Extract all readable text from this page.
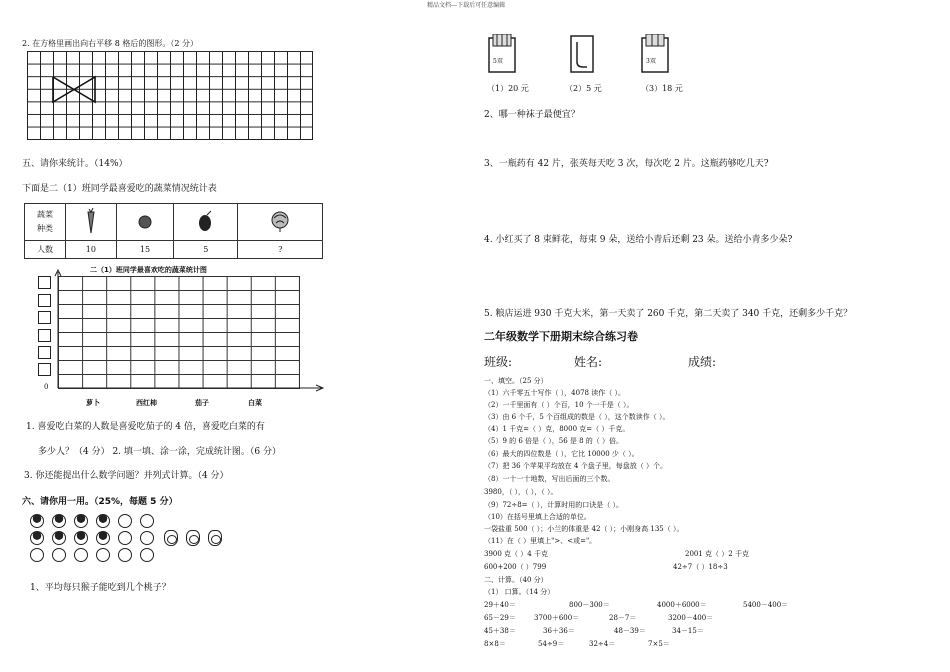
精品文档---下载后可任意编辑
2. 在方格里画出向右平移 8 格后的图形。（2 分）
五、请你来统计。（14%）
下面是二（1）班同学最喜爱吃的蔬菜情况统计表
蔬菜
种类

人数	10	15	5	?
二（1）班同学最喜欢吃的蔬菜统计图
0
萝卜	西红柿	茄子	白菜
1. 喜爱吃白菜的人数是喜爱吃茄子的 4 倍，喜爱吃白菜的有
多少人？（4 分） 2. 填一填、涂一涂，完成统计图。（6 分）
3. 你还能提出什么数学问题？并列式计算。（4 分）
六、请你用一用。（25%，每题 5 分）
1、平均每只猴子能吃到几个桃子？
5双
（1）20 元	（2）5 元
3双
（3）18 元
2、哪一种袜子最便宜？
3、一瓶药有 42 片，张英每天吃 3 次，每次吃 2 片。这瓶药够吃几天?
4. 小红买了 8 束鲜花，每束 9 朵，送给小青后还剩 23 朵。送给小青多少朵?
5. 粮店运进 930 千克大米，第一天卖了 260 千克，第二天卖了 340 千克，还剩多少千克？
二年级数学下册期末综合练习卷
班级:	姓名:	成绩:
一、填空。（25 分）
（1）六千零五十写作（ ），4078 读作（ ）。
（2）一千里面有（ ）个百，10 个一千是（ ）。
（3）由 6 个千，5 个百组成的数是（ ），这个数读作（ ）。
（4）1 千克=（ ）克，8000 克=（ ）千克。
（5）9 的 6 倍是（ ），56 是 8 的（ ）倍。
（6）最大的四位数是（ ），它比 10000 少（ ）。
（7）把 36 个苹果平均放在 4 个盘子里，每盘放（ ）个。
（8）一十一十地数，写出后面的三个数。
3980，（ ），（ ），（ ）。
（9）72÷8=（ ），计算时用的口诀是（ ）。
（10）在括号里填上合适的单位。
一袋盐重 500（ ）；小兰的体重是 42（ ）；小刚身高 135（ ）。
（11）在（ ）里填上">、<或="。
3900 克（ ）4 千克	2001 克（ ）2 千克
600+200（ ）799	42÷7（ ）18÷3
二、计算。（40 分）
（1） 口算。（14 分）
29＋40＝	800－300＝	4000＋6000＝	5400－400＝
65－29＝	3700＋600＝	28－7＝	3200－400＝
45＋38＝	36＋36＝	48－39＝	34－15＝
8×8＝	54÷9＝	32÷4＝	7×5＝
